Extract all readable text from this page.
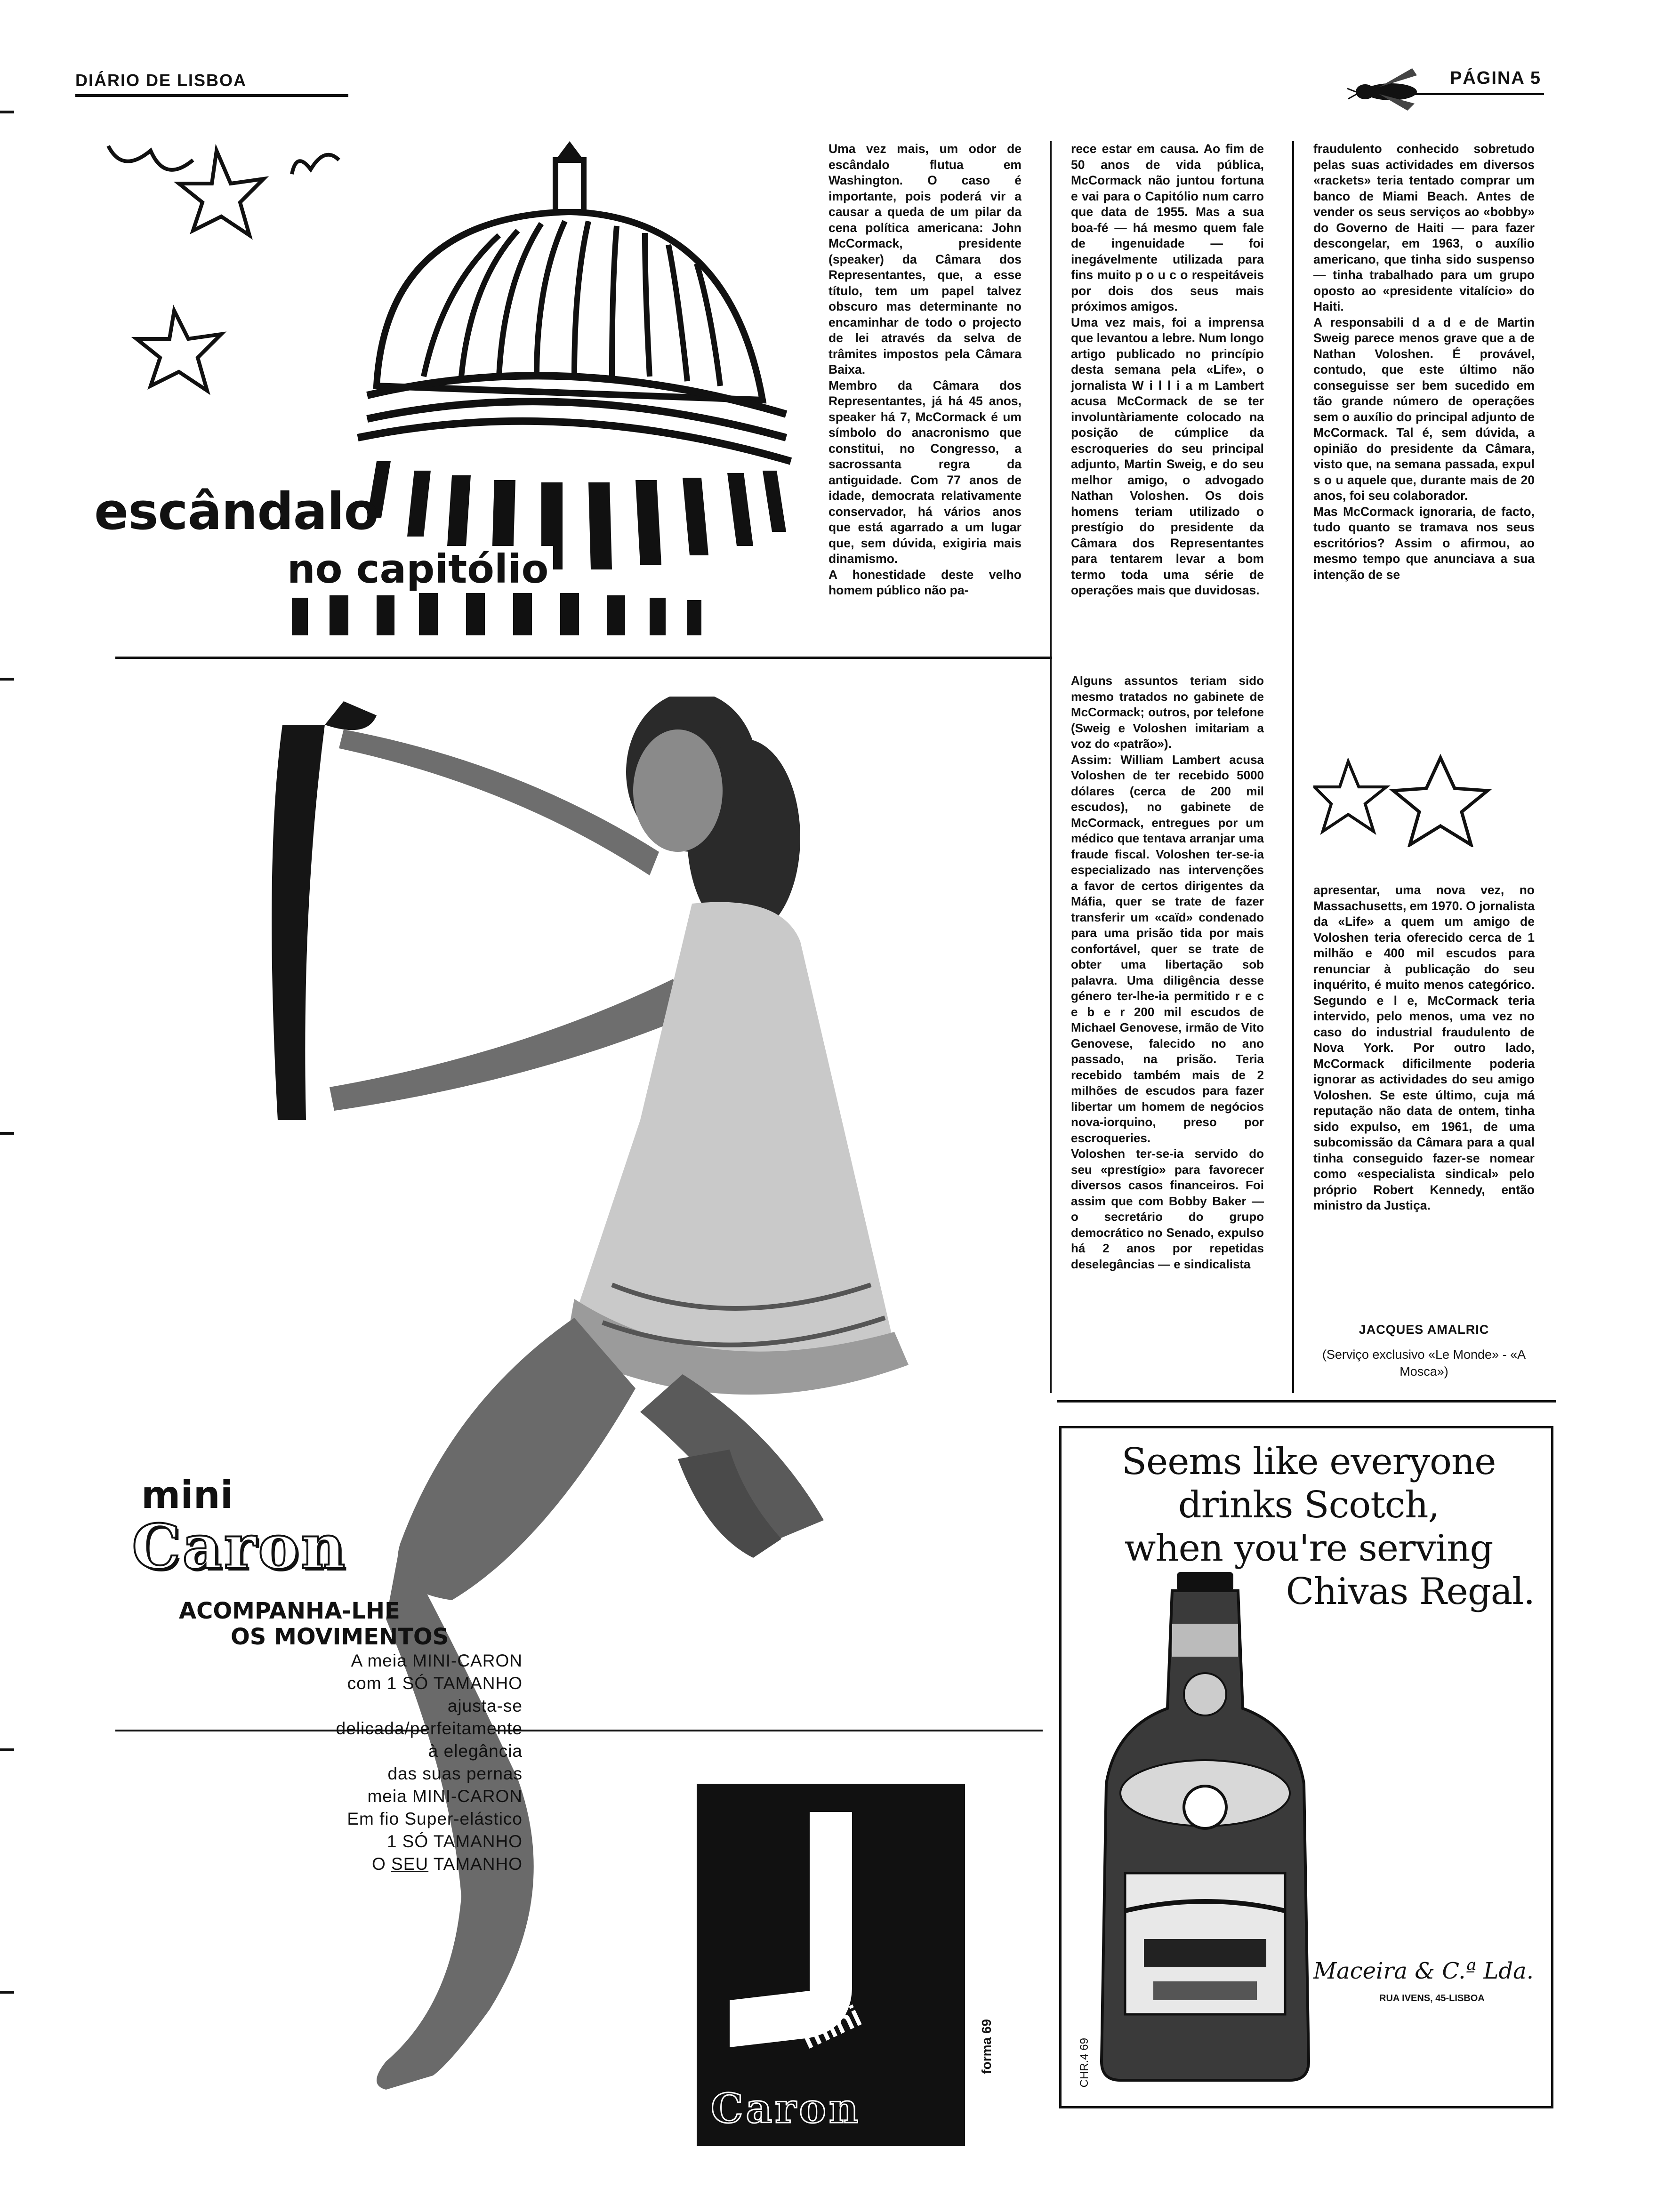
DIÁRIO DE LISBOA	PÁGINA 5
escândalo
no capitólio
Uma vez mais, um odor de escândalo flutua em Washington. O caso é importante, pois poderá vir a causar a queda de um pilar da cena política americana: John McCormack, presidente (speaker) da Câmara dos Representantes, que, a esse título, tem um papel talvez obscuro mas determinante no encaminhar de todo o projecto de lei através da selva de trâmites impostos pela Câmara Baixa.
Membro da Câmara dos Representantes, já há 45 anos, speaker há 7, McCormack é um símbolo do anacronismo que constitui, no Congresso, a sacrossanta regra da antiguidade. Com 77 anos de idade, democrata relativamente conservador, há vários anos que está agarrado a um lugar que, sem dúvida, exigiria mais dinamismo.
A honestidade deste velho homem público não pa-
rece estar em causa. Ao fim de 50 anos de vida pública, McCormack não juntou fortuna e vai para o Capitólio num carro que data de 1955. Mas a sua boa-fé — há mesmo quem fale de ingenuidade — foi inegávelmente utilizada para fins muito p o u c o respeitáveis por dois dos seus mais próximos amigos.
Uma vez mais, foi a imprensa que levantou a lebre. Num longo artigo publicado no princípio desta semana pela «Life», o jornalista W i l l i a m Lambert acusa McCormack de se ter involuntàriamente colocado na posição de cúmplice da escroqueries do seu principal adjunto, Martin Sweig, e do seu melhor amigo, o advogado Nathan Voloshen. Os dois homens teriam utilizado o prestígio do presidente da Câmara dos Representantes para tentarem levar a bom termo toda uma série de operações mais que duvidosas.
Alguns assuntos teriam sido mesmo tratados no gabinete de McCormack; outros, por telefone (Sweig e Voloshen imitariam a voz do «patrão»).
Assim: William Lambert acusa Voloshen de ter recebido 5000 dólares (cerca de 200 mil escudos), no gabinete de McCormack, entregues por um médico que tentava arranjar uma fraude fiscal. Voloshen ter-se-ia especializado nas intervenções a favor de certos dirigentes da Máfia, quer se trate de fazer transferir um «caïd» condenado para uma prisão tida por mais confortável, quer se trate de obter uma libertação sob palavra. Uma diligência desse género ter-lhe-ia permitido r e c e b e r 200 mil escudos de Michael Genovese, irmão de Vito Genovese, falecido no ano passado, na prisão. Teria recebido também mais de 2 milhões de escudos para fazer libertar um homem de negócios nova-iorquino, preso por escroqueries.
Voloshen ter-se-ia servido do seu «prestígio» para favorecer diversos casos financeiros. Foi assim que com Bobby Baker — o secretário do grupo democrático no Senado, expulso há 2 anos por repetidas deselegâncias — e sindicalista
fraudulento conhecido sobretudo pelas suas actividades em diversos «rackets» teria tentado comprar um banco de Miami Beach. Antes de vender os seus serviços ao «bobby» do Governo de Haiti — para fazer descongelar, em 1963, o auxílio americano, que tinha sido suspenso — tinha trabalhado para um grupo oposto ao «presidente vitalício» do Haiti.
A responsabili d a d e de Martin Sweig parece menos grave que a de Nathan Voloshen. É provável, contudo, que este último não conseguisse ser bem sucedido em tão grande número de operações sem o auxílio do principal adjunto de McCormack. Tal é, sem dúvida, a opinião do presidente da Câmara, visto que, na semana passada, expul s o u aquele que, durante mais de 20 anos, foi seu colaborador.
Mas McCormack ignoraria, de facto, tudo quanto se tramava nos seus escritórios? Assim o afirmou, ao mesmo tempo que anunciava a sua intenção de se
apresentar, uma nova vez, no Massachusetts, em 1970. O jornalista da «Life» a quem um amigo de Voloshen teria oferecido cerca de 1 milhão e 400 mil escudos para renunciar à publicação do seu inquérito, é muito menos categórico. Segundo e l e, McCormack teria intervido, pelo menos, uma vez no caso do industrial fraudulento de Nova York. Por outro lado, McCormack dificilmente poderia ignorar as actividades do seu amigo Voloshen. Se este último, cuja má reputação não data de ontem, tinha sido expulso, em 1961, de uma subcomissão da Câmara para a qual tinha conseguido fazer-se nomear como «especialista sindical» pelo próprio Robert Kennedy, então ministro da Justiça.
JACQUES AMALRIC
(Serviço exclusivo «Le Monde» - «A Mosca»)
mini
Caron
ACOMPANHA-LHE
OS MOVIMENTOS
A meia MINI-CARON
com 1 SÓ TAMANHO
ajusta-se
delicada/perfeitamente
à elegância
das suas pernas
meia MINI-CARON
Em fio Super-elástico
1 SÓ TAMANHO
O SEU TAMANHO	TAMANHO ÚNICO
mini
Caron
forma 69
Seems like everyone
drinks Scotch,
when you're serving
Chivas Regal.
CHR.4 69
Maceira & C.ª Lda.
RUA IVENS, 45-LISBOA
